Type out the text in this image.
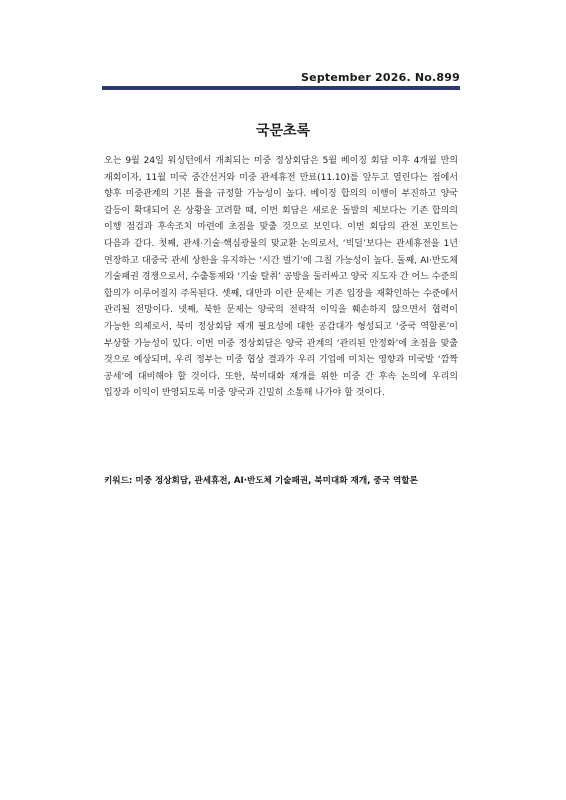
September 2026. No.899
국문초록

오는 9월 24일 워싱턴에서 개최되는 미중 정상회담은 5월 베이징 회담 이후 4개월 만의 재회이자, 11월 미국 중간선거와 미중 관세휴전 만료(11.10)를 앞두고 열린다는 점에서 향후 미중관계의 기본 틀을 규정할 가능성이 높다. 베이징 합의의 이행이 부진하고 양국 갈등이 확대되어 온 상황을 고려할 때, 이번 회담은 새로운 돌발의 제보다는 기존 합의의 이행 점검과 후속조치 마련에 초점을 맞출 것으로 보인다. 이번 회담의 관전 포인트는 다음과 같다. 첫째, 관세·기술·핵심광물의 맞교환 논의로서, ‘빅딜’보다는 관세휴전을 1년 연장하고 대중국 관세 상한을 유지하는 ‘시간 벌기’에 그칠 가능성이 높다. 둘째, AI·반도체 기술패권 경쟁으로서, 수출통제와 ‘기술 탈취’ 공방을 둘러싸고 양국 지도자 간 어느 수준의 합의가 이루어질지 주목된다. 셋째, 대만과 이란 문제는 기존 입장을 재확인하는 수준에서 관리될 전망이다. 넷째, 북한 문제는 양국의 전략적 이익을 훼손하지 않으면서 협력이 가능한 의제로서, 북미 정상회담 재개 필요성에 대한 공감대가 형성되고 ‘중국 역할론’이 부상할 가능성이 있다. 이번 미중 정상회담은 양국 관계의 ‘관리된 안정화’에 초점을 맞출 것으로 예상되며, 우리 정부는 미중 협상 결과가 우리 기업에 미치는 영향과 미국발 ‘깜짝 공세’에 대비해야 할 것이다. 또한, 북미대화 재개를 위한 미중 간 후속 논의에 우리의 입장과 이익이 반영되도록 미중 양국과 긴밀히 소통해 나가야 할 것이다.

키워드: 미중 정상회담, 관세휴전, AI·반도체 기술패권, 북미대화 재개, 중국 역할론
